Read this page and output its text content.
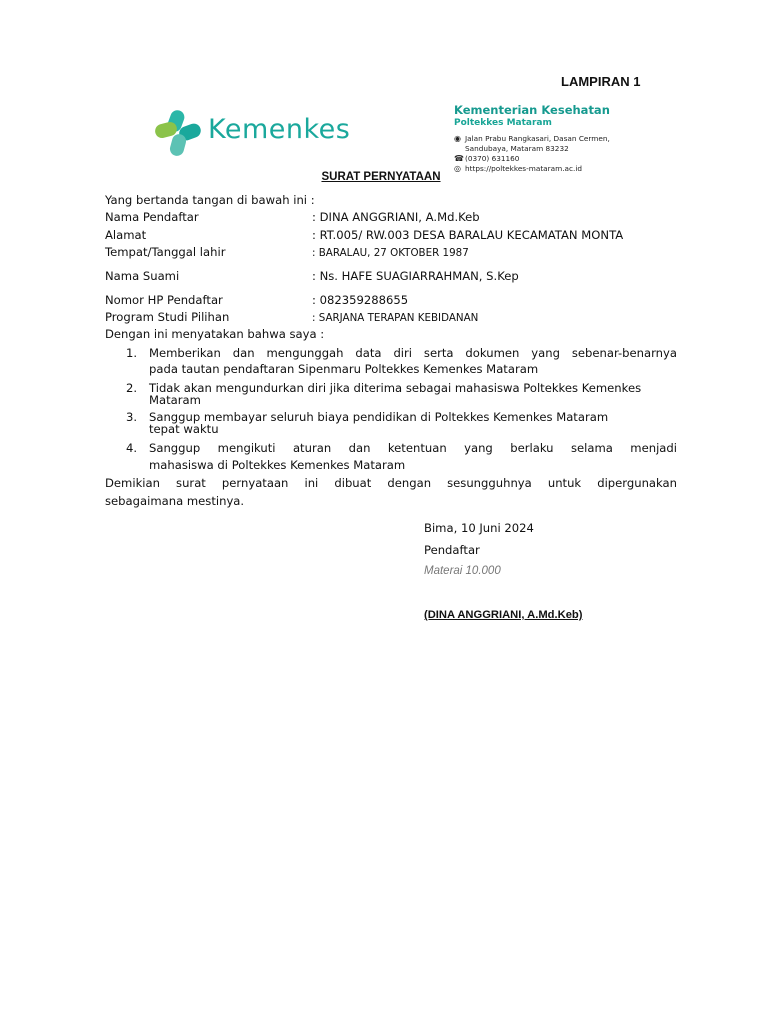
LAMPIRAN 1
Kemenkes
Kementerian Kesehatan
Poltekkes Mataram
◉ Jalan Prabu Rangkasari, Dasan Cermen,
Sandubaya, Mataram 83232
☎(0370) 631160
◎ https://poltekkes-mataram.ac.id
SURAT PERNYATAAN
Yang bertanda tangan di bawah ini :
Nama Pendaftar	: DINA ANGGRIANI, A.Md.Keb
Alamat	: RT.005/ RW.003 DESA BARALAU KECAMATAN MONTA
Tempat/Tanggal lahir	: BARALAU, 27 OKTOBER 1987
Nama Suami	: Ns. HAFE SUAGIARRAHMAN, S.Kep
Nomor HP Pendaftar	: 082359288655
Program Studi Pilihan	: SARJANA TERAPAN KEBIDANAN
Dengan ini menyatakan bahwa saya :
1. Memberikan dan mengunggah data diri serta dokumen yang sebenar-benarnya
pada tautan pendaftaran Sipenmaru Poltekkes Kemenkes Mataram
2. Tidak akan mengundurkan diri jika diterima sebagai mahasiswa Poltekkes Kemenkes
Mataram
3. Sanggup membayar seluruh biaya pendidikan di Poltekkes Kemenkes Mataram
tepat waktu
4. Sanggup mengikuti aturan dan ketentuan yang berlaku selama menjadi
mahasiswa di Poltekkes Kemenkes Mataram
Demikian surat pernyataan ini dibuat dengan sesungguhnya untuk dipergunakan
sebagaimana mestinya.
Bima, 10 Juni 2024
Pendaftar
Materai 10.000
(DINA ANGGRIANI, A.Md.Keb)
